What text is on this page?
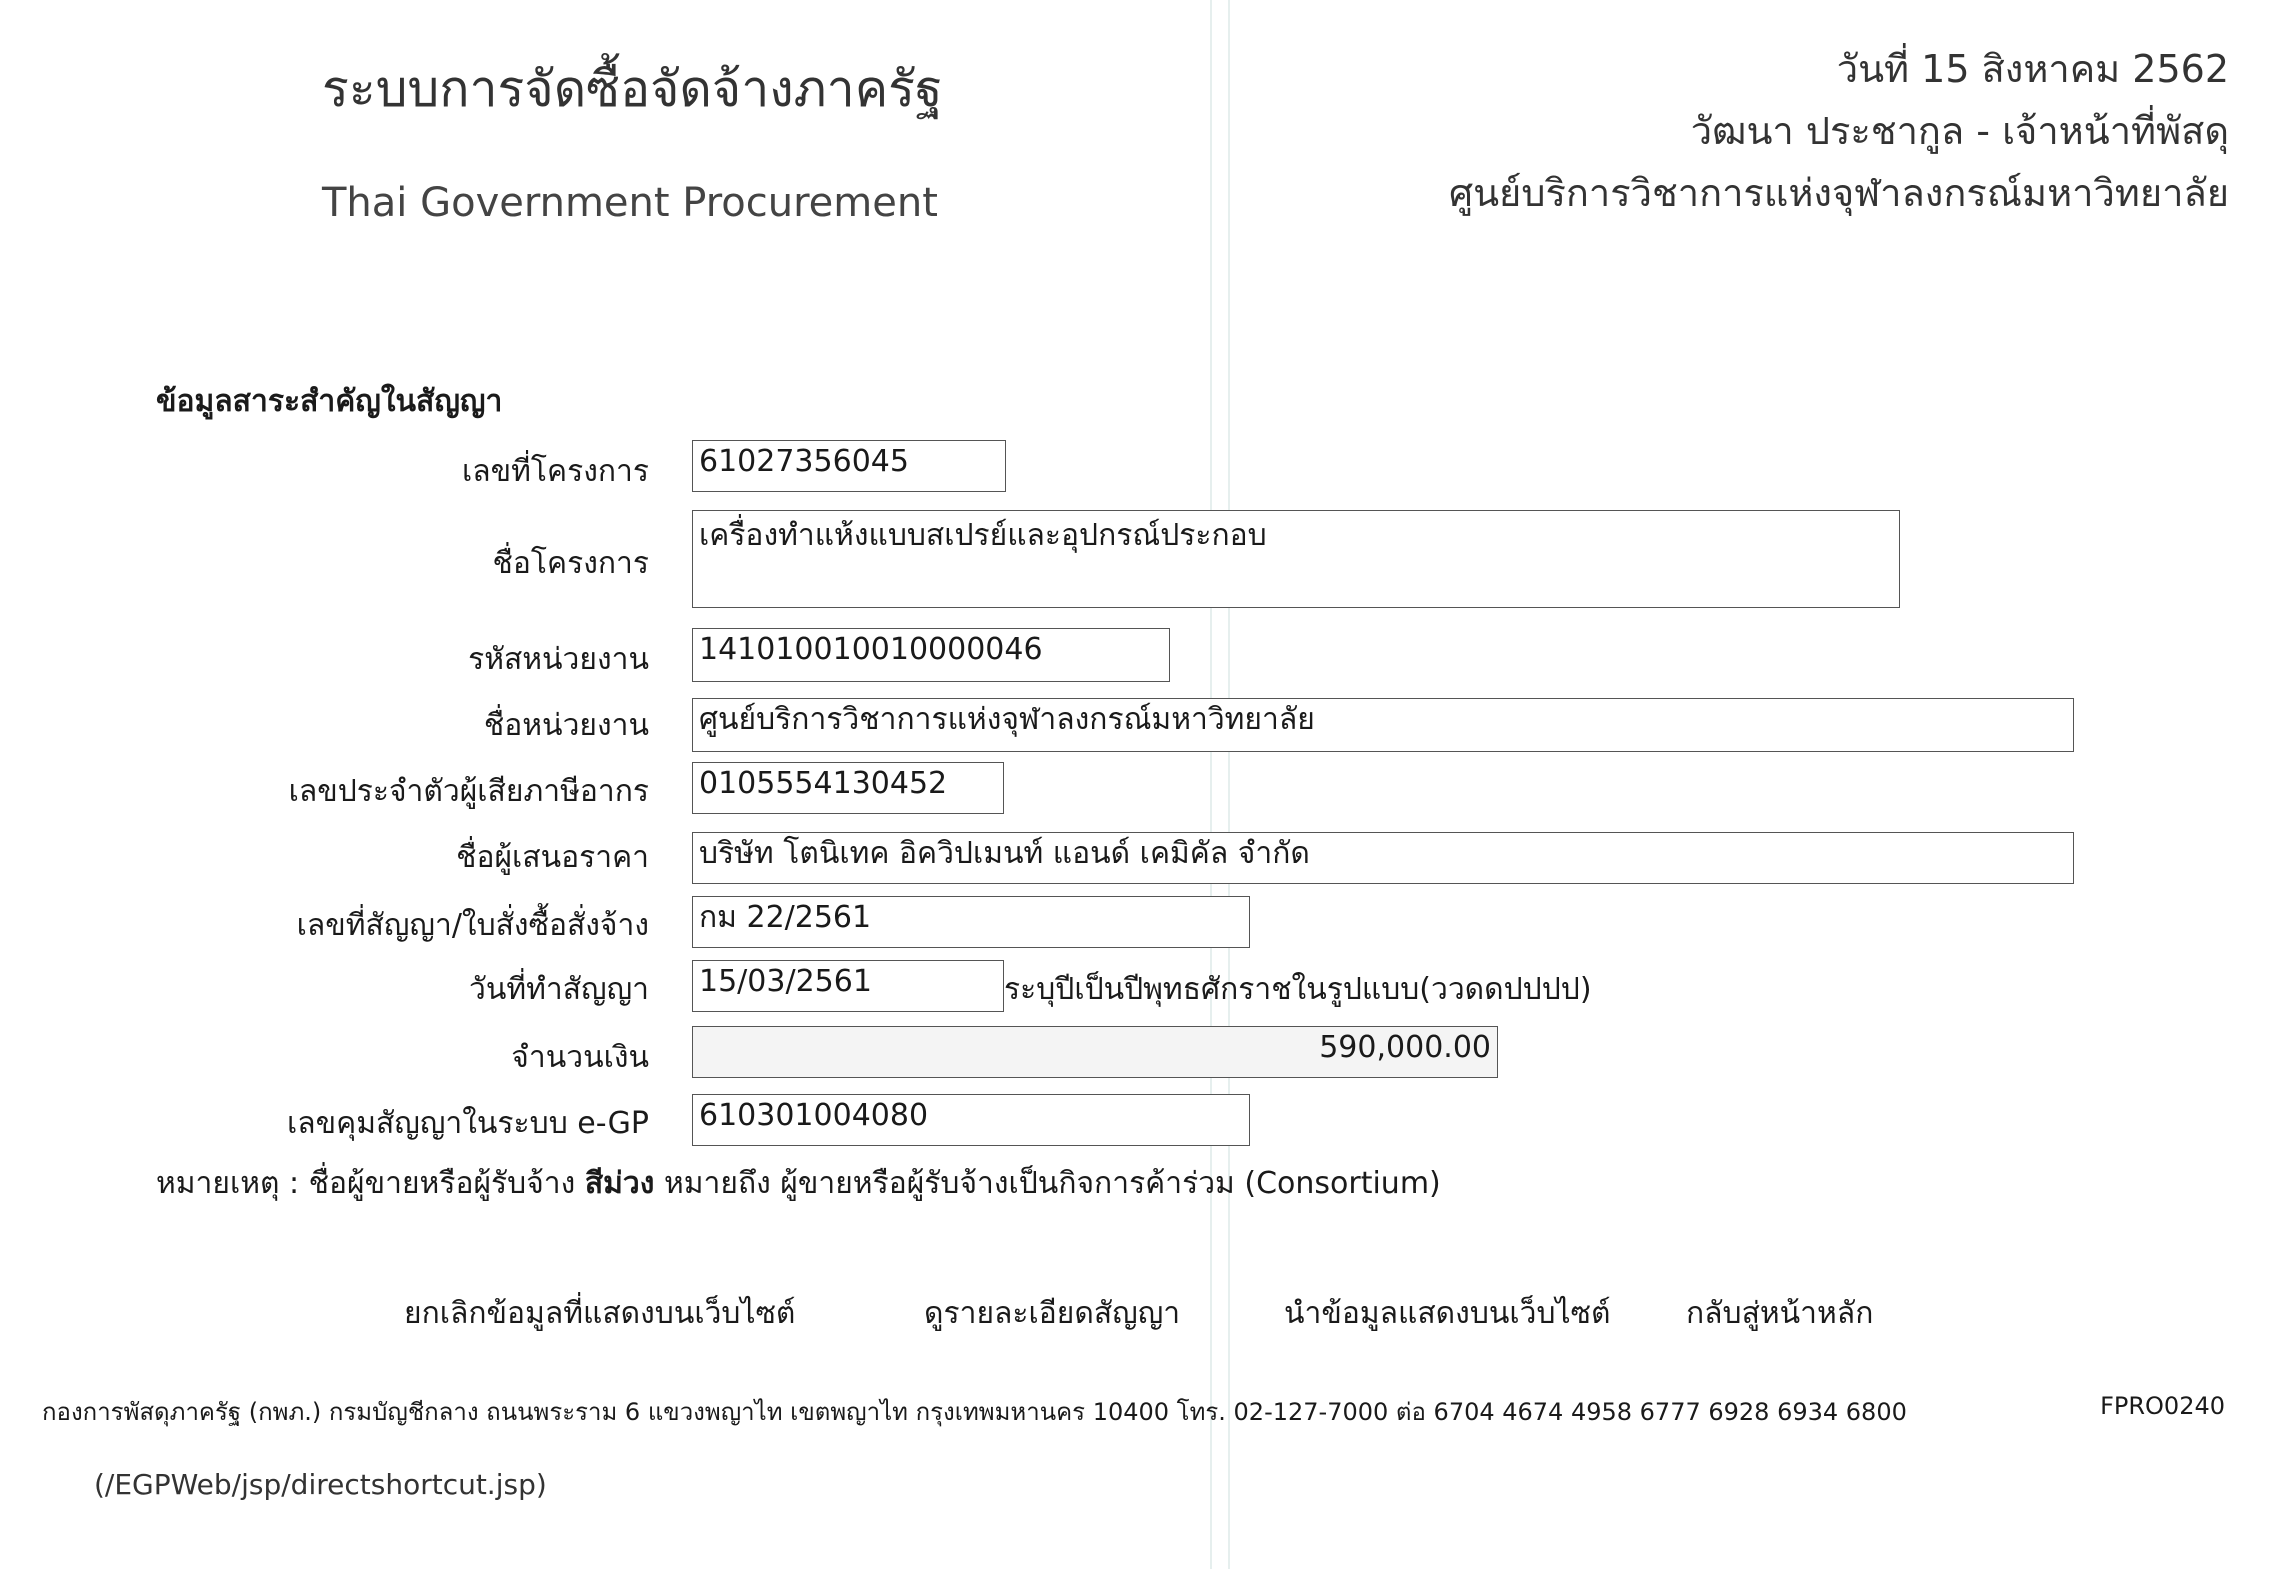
ระบบการจัดซื้อจัดจ้างภาครัฐ
Thai Government Procurement
วันที่ 15 สิงหาคม 2562
วัฒนา ประชากูล - เจ้าหน้าที่พัสดุ
ศูนย์บริการวิชาการแห่งจุฬาลงกรณ์มหาวิทยาลัย
ข้อมูลสาระสำคัญในสัญญา
เลขที่โครงการ 61027356045
ชื่อโครงการ
เครื่องทำแห้งแบบสเปรย์และอุปกรณ์ประกอบ
รหัสหน่วยงาน 141010010010000046
ชื่อหน่วยงาน ศูนย์บริการวิชาการแห่งจุฬาลงกรณ์มหาวิทยาลัย
เลขประจำตัวผู้เสียภาษีอากร 0105554130452
ชื่อผู้เสนอราคา บริษัท โตนิเทค อิควิปเมนท์ แอนด์ เคมิคัล จำกัด
เลขที่สัญญา/ใบสั่งซื้อสั่งจ้าง กม 22/2561
วันที่ทำสัญญา 15/03/2561	ระบุปีเป็นปีพุทธศักราชในรูปแบบ(ววดดปปปป)
จำนวนเงิน	590,000.00
เลขคุมสัญญาในระบบ e-GP 610301004080
หมายเหตุ : ชื่อผู้ขายหรือผู้รับจ้าง สีม่วง หมายถึง ผู้ขายหรือผู้รับจ้างเป็นกิจการค้าร่วม (Consortium)
ยกเลิกข้อมูลที่แสดงบนเว็บไซต์	ดูรายละเอียดสัญญา	นำข้อมูลแสดงบนเว็บไซต์	กลับสู่หน้าหลัก
กองการพัสดุภาครัฐ (กพภ.) กรมบัญชีกลาง ถนนพระราม 6 แขวงพญาไท เขตพญาไท กรุงเทพมหานคร 10400 โทร. 02-127-7000 ต่อ 6704 4674 4958 6777 6928 6934 6800	FPRO0240
(/EGPWeb/jsp/directshortcut.jsp)
